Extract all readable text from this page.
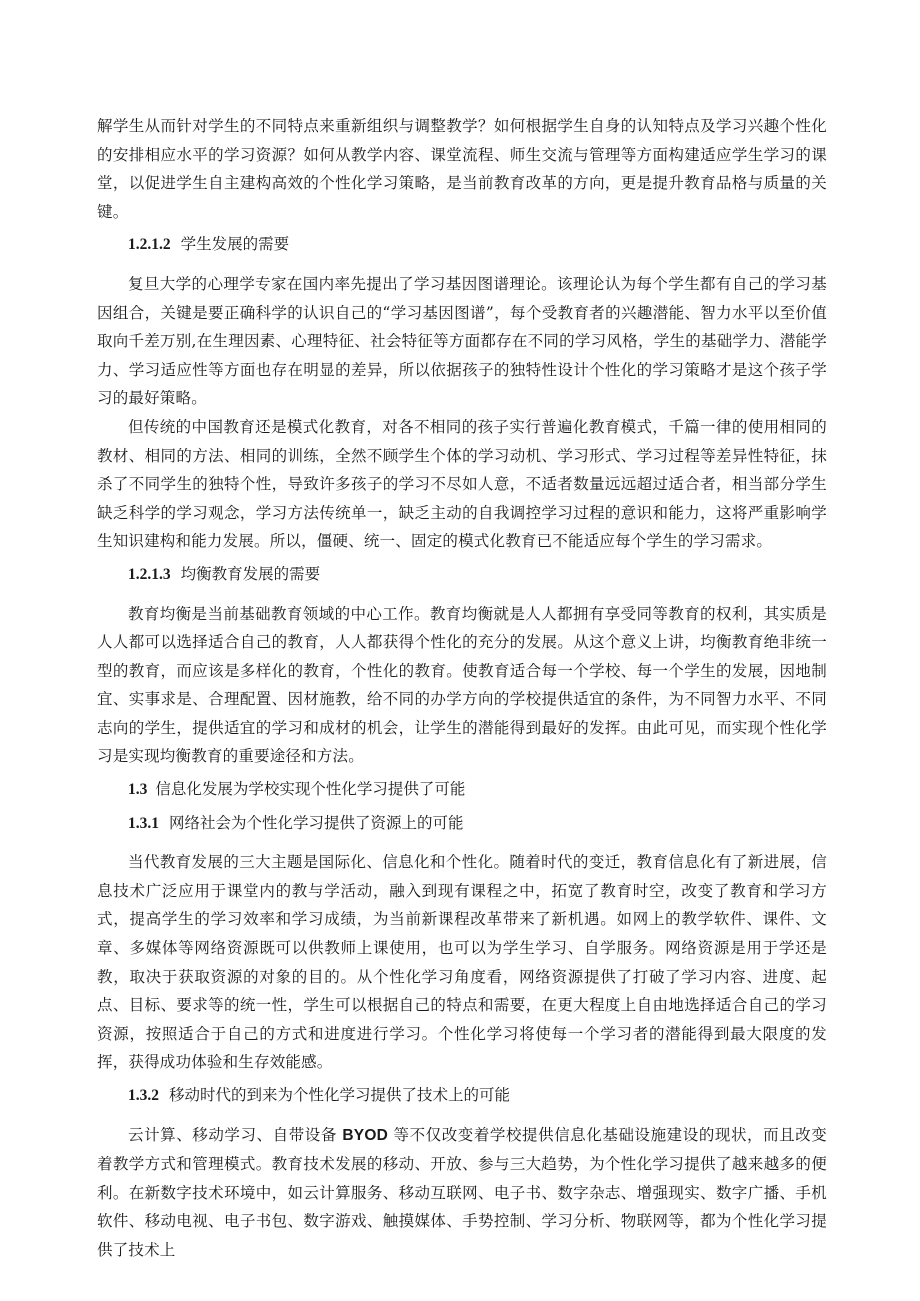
解学生从而针对学生的不同特点来重新组织与调整教学？如何根据学生自身的认知特点及学习兴趣个性化的安排相应水平的学习资源？如何从教学内容、课堂流程、师生交流与管理等方面构建适应学生学习的课堂，以促进学生自主建构高效的个性化学习策略，是当前教育改革的方向，更是提升教育品格与质量的关键。

1.2.1.2 学生发展的需要

复旦大学的心理学专家在国内率先提出了学习基因图谱理论。该理论认为每个学生都有自己的学习基因组合，关键是要正确科学的认识自己的“学习基因图谱”，每个受教育者的兴趣潜能、智力水平以至价值取向千差万别,在生理因素、心理特征、社会特征等方面都存在不同的学习风格，学生的基础学力、潜能学力、学习适应性等方面也存在明显的差异，所以依据孩子的独特性设计个性化的学习策略才是这个孩子学习的最好策略。

但传统的中国教育还是模式化教育，对各不相同的孩子实行普遍化教育模式，千篇一律的使用相同的教材、相同的方法、相同的训练，全然不顾学生个体的学习动机、学习形式、学习过程等差异性特征，抹杀了不同学生的独特个性，导致许多孩子的学习不尽如人意，不适者数量远远超过适合者，相当部分学生缺乏科学的学习观念，学习方法传统单一，缺乏主动的自我调控学习过程的意识和能力，这将严重影响学生知识建构和能力发展。所以，僵硬、统一、固定的模式化教育已不能适应每个学生的学习需求。

1.2.1.3 均衡教育发展的需要

教育均衡是当前基础教育领域的中心工作。教育均衡就是人人都拥有享受同等教育的权利，其实质是人人都可以选择适合自己的教育，人人都获得个性化的充分的发展。从这个意义上讲，均衡教育绝非统一型的教育，而应该是多样化的教育，个性化的教育。使教育适合每一个学校、每一个学生的发展，因地制宜、实事求是、合理配置、因材施教，给不同的办学方向的学校提供适宜的条件，为不同智力水平、不同志向的学生，提供适宜的学习和成材的机会，让学生的潜能得到最好的发挥。由此可见，而实现个性化学习是实现均衡教育的重要途径和方法。

1.3 信息化发展为学校实现个性化学习提供了可能
1.3.1 网络社会为个性化学习提供了资源上的可能

当代教育发展的三大主题是国际化、信息化和个性化。随着时代的变迁，教育信息化有了新进展，信息技术广泛应用于课堂内的教与学活动，融入到现有课程之中，拓宽了教育时空，改变了教育和学习方式，提高学生的学习效率和学习成绩，为当前新课程改革带来了新机遇。如网上的教学软件、课件、文章、多媒体等网络资源既可以供教师上课使用，也可以为学生学习、自学服务。网络资源是用于学还是教，取决于获取资源的对象的目的。从个性化学习角度看，网络资源提供了打破了学习内容、进度、起点、目标、要求等的统一性，学生可以根据自己的特点和需要，在更大程度上自由地选择适合自己的学习资源，按照适合于自己的方式和进度进行学习。个性化学习将使每一个学习者的潜能得到最大限度的发挥，获得成功体验和生存效能感。

1.3.2 移动时代的到来为个性化学习提供了技术上的可能

云计算、移动学习、自带设备 BYOD 等不仅改变着学校提供信息化基础设施建设的现状，而且改变着教学方式和管理模式。教育技术发展的移动、开放、参与三大趋势，为个性化学习提供了越来越多的便利。在新数字技术环境中，如云计算服务、移动互联网、电子书、数字杂志、增强现实、数字广播、手机软件、移动电视、电子书包、数字游戏、触摸媒体、手势控制、学习分析、物联网等，都为个性化学习提供了技术上
